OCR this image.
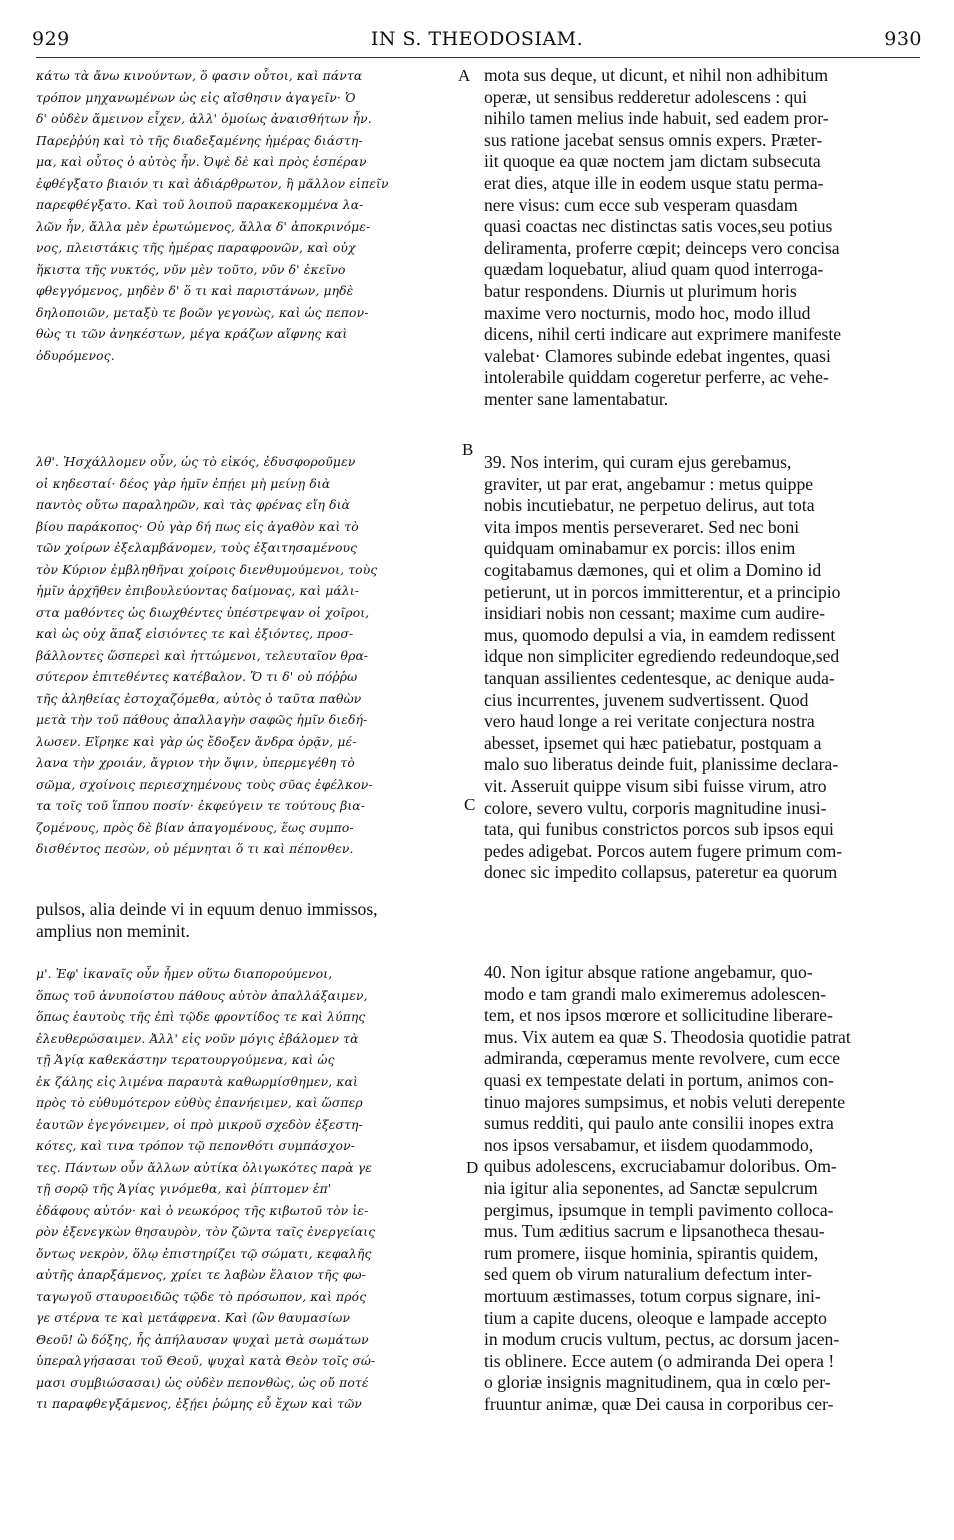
929	IN S. THEODOSIAM.	930
κάτω τὰ ἄνω κινούντων, ὅ φασιν οὗτοι, καὶ πάντα
τρόπον μηχανωμένων ὡς εἰς αἴσθησιν ἀγαγεῖν· Ὁ
δ' οὐδὲν ἄμεινον εἶχεν, ἀλλ' ὁμοίως ἀναισθήτων ἦν.
Παρεῤῥύη καὶ τὸ τῆς διαδεξαμένης ἡμέρας διάστη-
μα, καὶ οὗτος ὁ αὐτὸς ἦν. Ὀψὲ δὲ καὶ πρὸς ἑσπέραν
ἐφθέγξατο βιαιόν τι καὶ ἀδιάρθρωτον, ἢ μᾶλλον εἰπεῖν
παρεφθέγξατο. Καὶ τοῦ λοιποῦ παρακεκομμένα λα-
λῶν ἦν, ἄλλα μὲν ἐρωτώμενος, ἄλλα δ' ἀποκρινόμε-
νος, πλειστάκις τῆς ἡμέρας παραφρονῶν, καὶ οὐχ
ἥκιστα τῆς νυκτός, νῦν μὲν τοῦτο, νῦν δ' ἐκεῖνο
φθεγγόμενος, μηδὲν δ' ὅ τι καὶ παριστάνων, μηδὲ
δηλοποιῶν, μεταξὺ τε βοῶν γεγονὼς, καὶ ὡς πεπον-
θὼς τι τῶν ἀνηκέστων, μέγα κράζων αἴφνης καὶ
ὀδυρόμενος.
mota sus deque, ut dicunt, et nihil non adhibitum
operæ, ut sensibus redderetur adolescens : qui
nihilo tamen melius inde habuit, sed eadem pror-
sus ratione jacebat sensus omnis expers. Præter-
iit quoque ea quæ noctem jam dictam subsecuta
erat dies, atque ille in eodem usque statu perma-
nere visus: cum ecce sub vesperam quasdam
quasi coactas nec distinctas satis voces,seu potius
deliramenta, proferre cœpit; deinceps vero concisa
quædam loquebatur, aliud quam quod interroga-
batur respondens. Diurnis ut plurimum horis
maxime vero nocturnis, modo hoc, modo illud
dicens, nihil certi indicare aut exprimere manifeste
valebat· Clamores subinde edebat ingentes, quasi
intolerabile quiddam cogeretur perferre, ac vehe-
menter sane lamentabatur.
A
λθ'. Ἠσχάλλομεν οὖν, ὡς τὸ εἰκός, ἐδυσφοροῦμεν
οἱ κηδεσταί· δέος γὰρ ἡμῖν ἐπῄει μὴ μείνῃ διὰ
παντὸς οὕτω παραληρῶν, καὶ τὰς φρένας εἴη διὰ
βίου παράκοπος· Οὐ γὰρ δή πως εἰς ἀγαθὸν καὶ τὸ
τῶν χοίρων ἐξελαμβάνομεν, τοὺς ἐξαιτησαμένους
τὸν Κύριον ἐμβληθῆναι χοίροις διενθυμούμενοι, τοὺς
ἡμῖν ἀρχῆθεν ἐπιβουλεύοντας δαίμονας, καὶ μάλι-
στα μαθόντες ὡς διωχθέντες ὑπέστρεψαν οἱ χοῖροι,
καὶ ὡς οὐχ ἅπαξ εἰσιόντες τε καὶ ἐξιόντες, προσ-
βάλλοντες ὥσπερεὶ καὶ ἡττώμενοι, τελευταῖον θρα-
σύτερον ἐπιτεθέντες κατέβαλον. Ὅ τι δ' οὐ πόῤῥω
τῆς ἀληθείας ἐστοχαζόμεθα, αὐτὸς ὁ ταῦτα παθὼν
μετὰ τὴν τοῦ πάθους ἀπαλλαγὴν σαφῶς ἡμῖν διεδή-
λωσεν. Εἴρηκε καὶ γὰρ ὡς ἔδοξεν ἄνδρα ὁρᾷν, μέ-
λανα τὴν χροιάν, ἄγριον τὴν ὄψιν, ὑπερμεγέθη τὸ
σῶμα, σχοίνοις περιεσχημένους τοὺς σῦας ἐφέλκον-
τα τοῖς τοῦ ἵππου ποσίν· ἐκφεύγειν τε τούτους βια-
ζομένους, πρὸς δὲ βίαν ἀπαγομένους, ἕως συμπο-
δισθέντος πεσὼν, οὐ μέμνηται ὅ τι καὶ πέπονθεν.
39. Nos interim, qui curam ejus gerebamus,
graviter, ut par erat, angebamur : metus quippe
nobis incutiebatur, ne perpetuo delirus, aut tota
vita impos mentis perseveraret. Sed nec boni
quidquam ominabamur ex porcis: illos enim
cogitabamus dæmones, qui et olim a Domino id
petierunt, ut in porcos immitterentur, et a principio
insidiari nobis non cessant; maxime cum audire-
mus, quomodo depulsi a via, in eamdem redissent
idque non simpliciter egrediendo redeundoque,sed
tanquan assilientes cedentesque, ac denique auda-
cius incurrentes, juvenem sudvertissent. Quod
vero haud longe a rei veritate conjectura nostra
abesset, ipsemet qui hæc patiebatur, postquam a
malo suo liberatus deinde fuit, planissime declara-
vit. Asseruit quippe visum sibi fuisse virum, atro
colore, severo vultu, corporis magnitudine inusi-
tata, qui funibus constrictos porcos sub ipsos equi
pedes adigebat. Porcos autem fugere primum com-
donec sic impedito collapsus, pateretur ea quorum
B
C
pulsos, alia deinde vi in equum denuo immissos,
amplius non meminit.
μ'. Ἐφ' ἱκαναῖς οὖν ἦμεν οὕτω διαπορούμενοι,
ὅπως τοῦ ἀνυποίστου πάθους αὐτὸν ἀπαλλάξαιμεν,
ὅπως ἑαυτοὺς τῆς ἐπὶ τῷδε φροντίδος τε καὶ λύπης
ἐλευθερώσαιμεν. Ἀλλ' εἰς νοῦν μόγις ἐβάλομεν τὰ
τῇ Ἁγίᾳ καθεκάστην τερατουργούμενα, καὶ ὡς
ἐκ ζάλης εἰς λιμένα παραυτὰ καθωρμίσθημεν, καὶ
πρὸς τὸ εὐθυμότερον εὐθὺς ἐπανήειμεν, καὶ ὥσπερ
ἑαυτῶν ἐγεγόνειμεν, οἱ πρὸ μικροῦ σχεδὸν ἐξεστη-
κότες, καὶ τινα τρόπον τῷ πεπονθότι συμπάσχον-
τες. Πάντων οὖν ἄλλων αὐτίκα ὀλιγωκότες παρὰ γε
τῇ σορῷ τῆς Ἁγίας γινόμεθα, καὶ ῥίπτομεν ἐπ'
ἐδάφους αὐτόν· καὶ ὁ νεωκόρος τῆς κιβωτοῦ τὸν ἱε-
ρὸν ἐξενεγκὼν θησαυρὸν, τὸν ζῶντα ταῖς ἐνεργείαις
ὄντως νεκρὸν, ὅλῳ ἐπιστηρίζει τῷ σώματι, κεφαλῆς
αὐτῆς ἀπαρξάμενος, χρίει τε λαβὼν ἔλαιον τῆς φω-
ταγωγοῦ σταυροειδῶς τῷδε τὸ πρόσωπον, καὶ πρός
γε στέρνα τε καὶ μετάφρενα. Καὶ (ὢν θαυμασίων
Θεοῦ! ὢ δόξης, ἧς ἀπήλαυσαν ψυχαὶ μετὰ σωμάτων
ὑπεραλγήσασαι τοῦ Θεοῦ, ψυχαὶ κατὰ Θεὸν τοῖς σώ-
μασι συμβιώσασαι) ὡς οὐδὲν πεπονθὼς, ὡς οὔ ποτέ
τι παραφθεγξάμενος, ἐξῄει ῥώμης εὖ ἔχων καὶ τῶν
40. Non igitur absque ratione angebamur, quo-
modo e tam grandi malo eximeremus adolescen-
tem, et nos ipsos mœrore et sollicitudine liberare-
mus. Vix autem ea quæ S. Theodosia quotidie patrat
admiranda, cœperamus mente revolvere, cum ecce
quasi ex tempestate delati in portum, animos con-
tinuo majores sumpsimus, et nobis veluti derepente
sumus redditi, qui paulo ante consilii inopes extra
nos ipsos versabamur, et iisdem quodammodo,
quibus adolescens, excruciabamur doloribus. Om-
nia igitur alia seponentes, ad Sanctæ sepulcrum
pergimus, ipsumque in templi pavimento colloca-
mus. Tum æditius sacrum e lipsanotheca thesau-
rum promere, iisque hominia, spirantis quidem,
sed quem ob virum naturalium defectum inter-
mortuum æstimasses, totum corpus signare, ini-
tium a capite ducens, oleoque e lampade accepto
in modum crucis vultum, pectus, ac dorsum jacen-
tis oblinere. Ecce autem (o admiranda Dei opera !
o gloriæ insignis magnitudinem, qua in cœlo per-
fruuntur animæ, quæ Dei causa in corporibus cer-
D
